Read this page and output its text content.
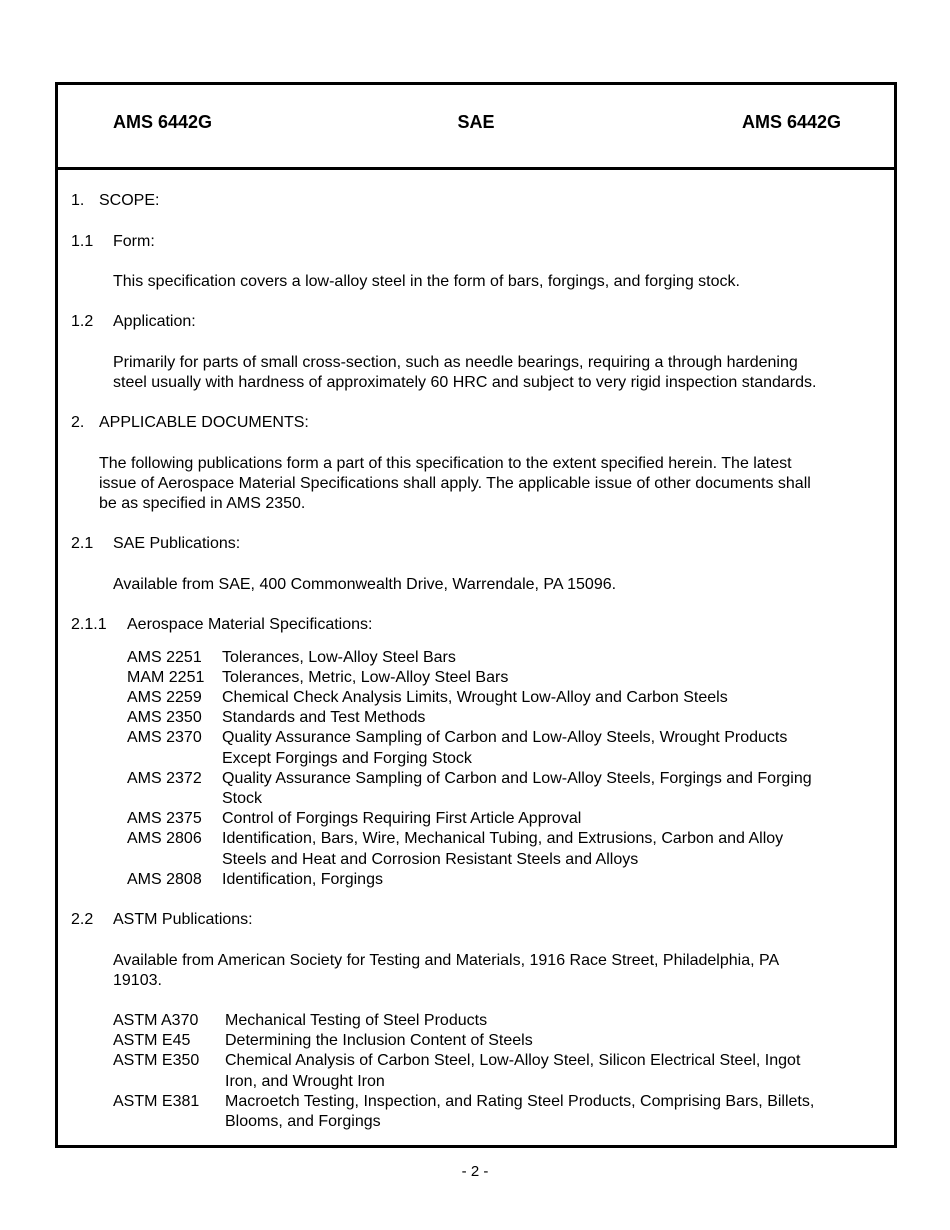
AMS 6442G	SAE	AMS 6442G
1. SCOPE:
1.1 Form:
This specification covers a low-alloy steel in the form of bars, forgings, and forging stock.
1.2 Application:
Primarily for parts of small cross-section, such as needle bearings, requiring a through hardening
steel usually with hardness of approximately 60 HRC and subject to very rigid inspection standards.
2. APPLICABLE DOCUMENTS:
The following publications form a part of this specification to the extent specified herein. The latest
issue of Aerospace Material Specifications shall apply. The applicable issue of other documents shall
be as specified in AMS 2350.
2.1 SAE Publications:
Available from SAE, 400 Commonwealth Drive, Warrendale, PA 15096.
2.1.1 Aerospace Material Specifications:
AMS 2251 Tolerances, Low-Alloy Steel Bars
MAM 2251 Tolerances, Metric, Low-Alloy Steel Bars
AMS 2259 Chemical Check Analysis Limits, Wrought Low-Alloy and Carbon Steels
AMS 2350 Standards and Test Methods
AMS 2370 Quality Assurance Sampling of Carbon and Low-Alloy Steels, Wrought Products
Except Forgings and Forging Stock
AMS 2372 Quality Assurance Sampling of Carbon and Low-Alloy Steels, Forgings and Forging
Stock
AMS 2375 Control of Forgings Requiring First Article Approval
AMS 2806 Identification, Bars, Wire, Mechanical Tubing, and Extrusions, Carbon and Alloy
Steels and Heat and Corrosion Resistant Steels and Alloys
AMS 2808 Identification, Forgings
2.2 ASTM Publications:
Available from American Society for Testing and Materials, 1916 Race Street, Philadelphia, PA
19103.
ASTM A370 Mechanical Testing of Steel Products
ASTM E45 Determining the Inclusion Content of Steels
ASTM E350 Chemical Analysis of Carbon Steel, Low-Alloy Steel, Silicon Electrical Steel, Ingot
Iron, and Wrought Iron
ASTM E381 Macroetch Testing, Inspection, and Rating Steel Products, Comprising Bars, Billets,
Blooms, and Forgings
- 2 -
